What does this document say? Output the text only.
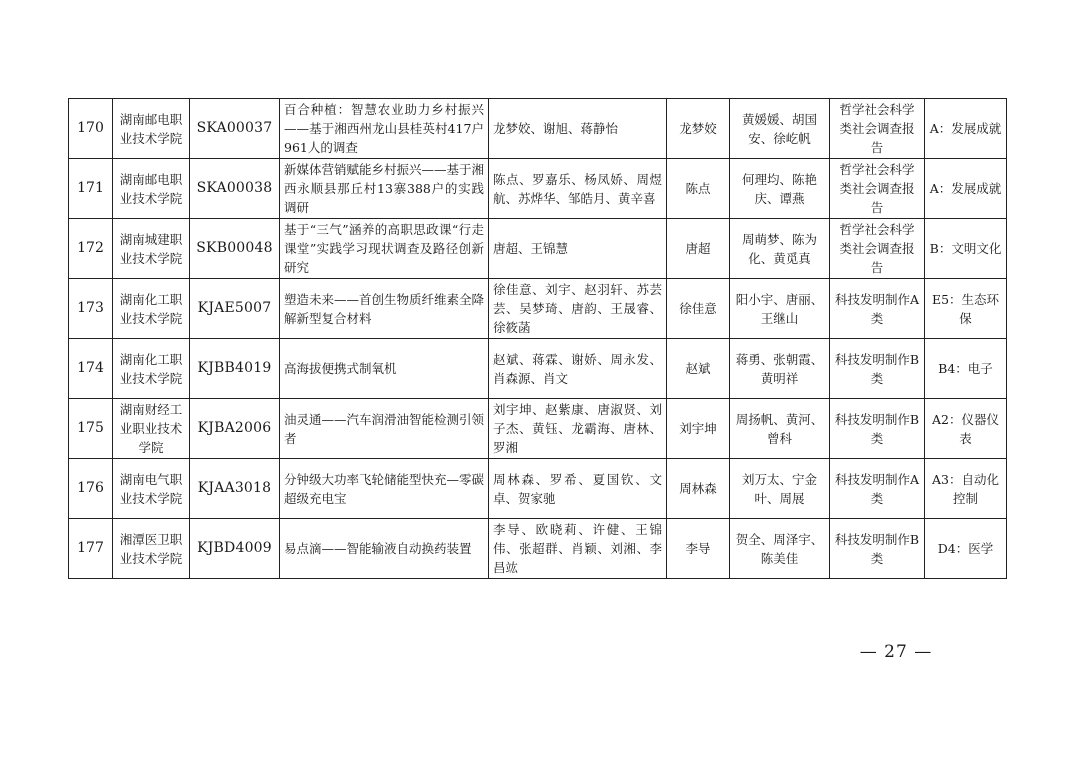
170	湖南邮电职业技术学院	SKA00037	百合种植：智慧农业助力乡村振兴——基于湘西州龙山县桂英村417户961人的调查	龙梦姣、谢旭、蒋静怡	龙梦姣	黄媛媛、胡国安、徐屹帆	哲学社会科学类社会调查报告	A：发展成就
171	湖南邮电职业技术学院	SKA00038	新媒体营销赋能乡村振兴——基于湘西永顺县那丘村13寨388户的实践调研	陈点、罗嘉乐、杨凤娇、周煜航、苏烨华、邹皓月、黄辛喜	陈点	何理均、陈艳庆、谭燕	哲学社会科学类社会调查报告	A：发展成就
172	湖南城建职业技术学院	SKB00048	基于“三气”涵养的高职思政课“行走课堂”实践学习现状调查及路径创新研究	唐超、王锦慧	唐超	周萌梦、陈为化、黄觅真	哲学社会科学类社会调查报告	B：文明文化
173	湖南化工职业技术学院	KJAE5007	塑造未来——首创生物质纤维素全降解新型复合材料	徐佳意、刘宇、赵羽轩、苏芸芸、吴梦琦、唐韵、王晟睿、徐筱菡	徐佳意	阳小宇、唐丽、王继山	科技发明制作A类	E5：生态环保
174	湖南化工职业技术学院	KJBB4019	高海拔便携式制氧机	赵斌、蒋霖、谢娇、周永发、肖森源、肖文	赵斌	蒋勇、张朝霞、黄明祥	科技发明制作B类	B4：电子
175	湖南财经工业职业技术学院	KJBA2006	油灵通——汽车润滑油智能检测引领者	刘宇坤、赵紫康、唐淑贤、刘子杰、黄钰、龙霸海、唐林、罗湘	刘宇坤	周扬帆、黄河、曾科	科技发明制作B类	A2：仪器仪表
176	湖南电气职业技术学院	KJAA3018	分钟级大功率飞轮储能型快充—零碳超级充电宝	周林森、罗希、夏国钦、文卓、贺家驰	周林森	刘万太、宁金叶、周展	科技发明制作A类	A3：自动化控制
177	湘潭医卫职业技术学院	KJBD4009	易点滴——智能输液自动换药装置	李导、欧晓莉、许健、王锦伟、张超群、肖颖、刘湘、李昌竑	李导	贺全、周泽宇、陈美佳	科技发明制作B类	D4：医学
— 27 —
